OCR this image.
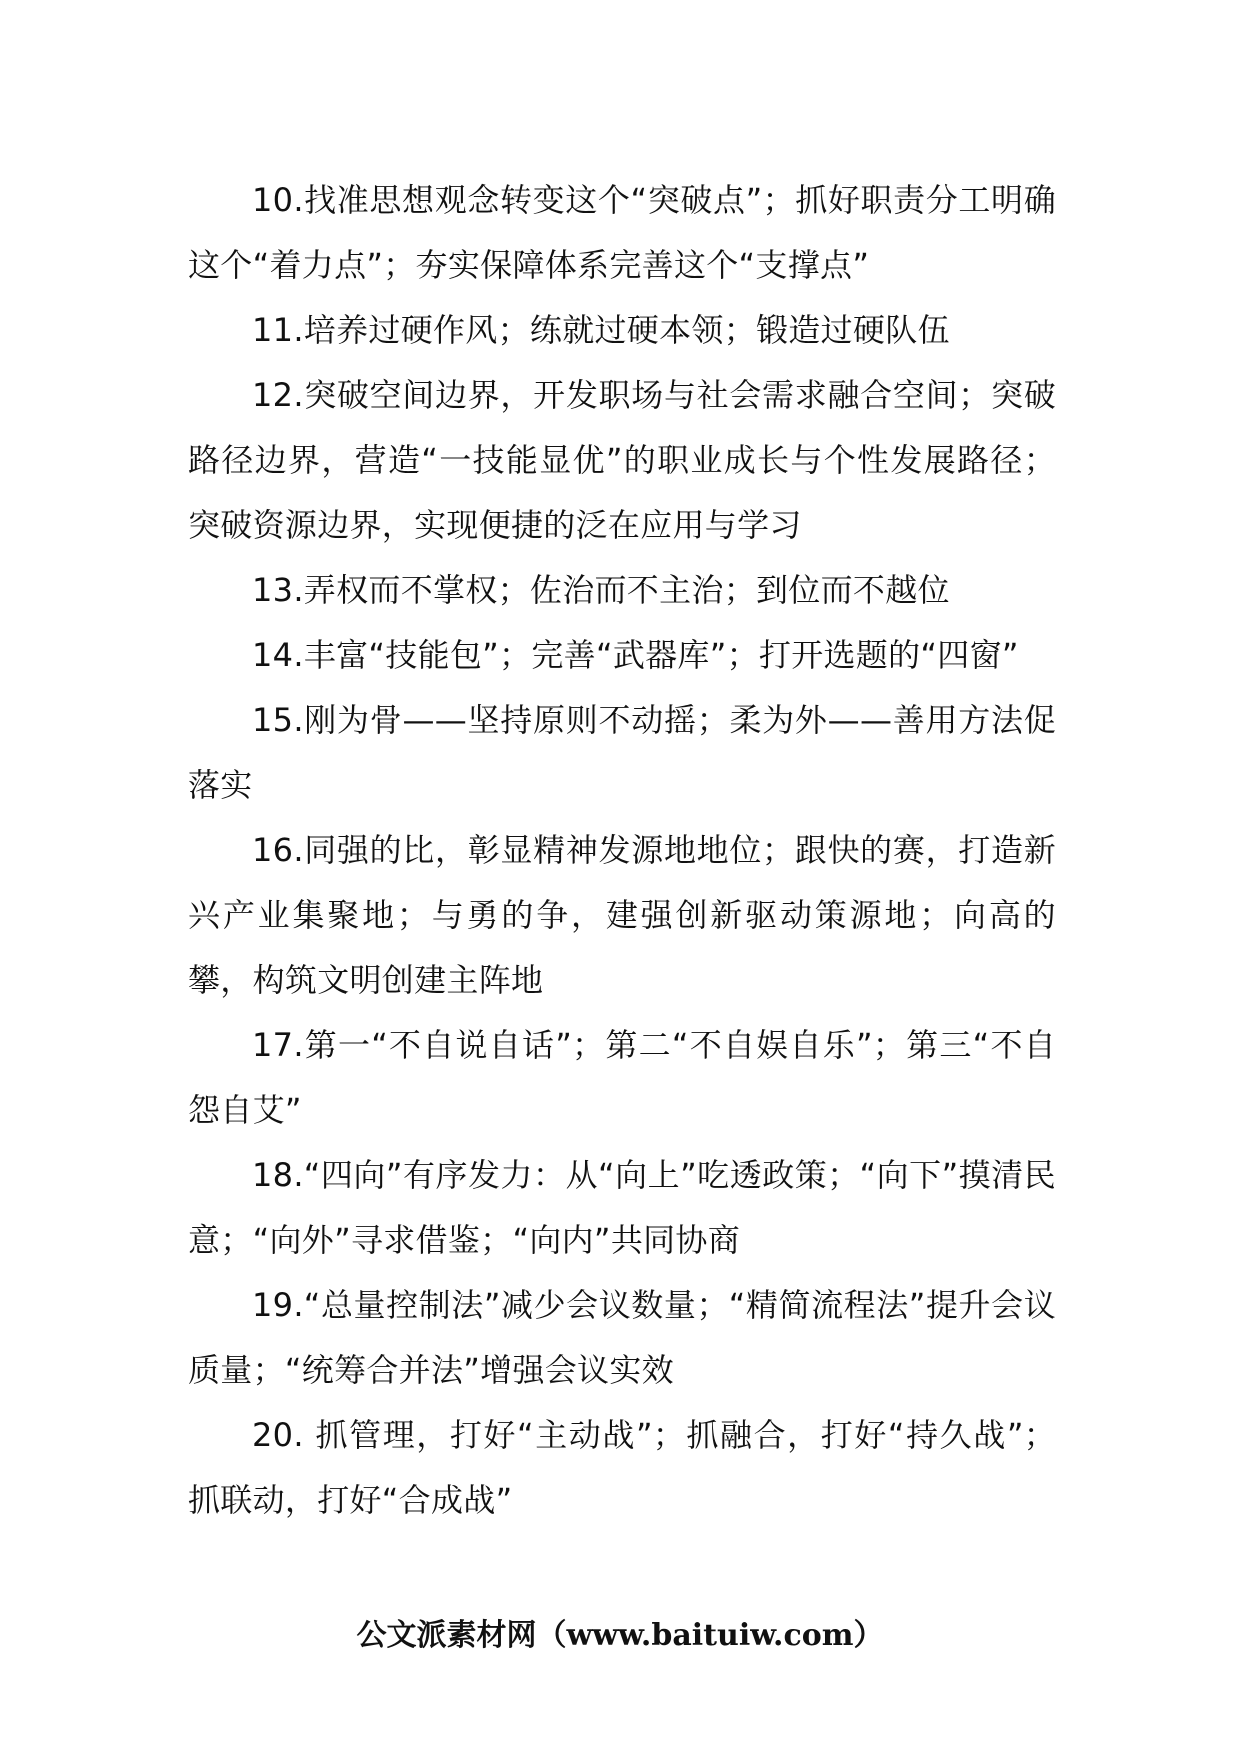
10.找准思想观念转变这个“突破点”；抓好职责分工明确这个“着力点”；夯实保障体系完善这个“支撑点”

11.培养过硬作风；练就过硬本领；锻造过硬队伍

12.突破空间边界，开发职场与社会需求融合空间；突破路径边界，营造“一技能显优”的职业成长与个性发展路径；突破资源边界，实现便捷的泛在应用与学习

13.弄权而不掌权；佐治而不主治；到位而不越位

14.丰富“技能包”；完善“武器库”；打开选题的“四窗”

15.刚为骨——坚持原则不动摇；柔为外——善用方法促落实

16.同强的比，彰显精神发源地地位；跟快的赛，打造新兴产业集聚地；与勇的争，建强创新驱动策源地；向高的攀，构筑文明创建主阵地

17.第一“不自说自话”；第二“不自娱自乐”；第三“不自怨自艾”

18.“四向”有序发力：从“向上”吃透政策；“向下”摸清民意；“向外”寻求借鉴；“向内”共同协商

19.“总量控制法”减少会议数量；“精简流程法”提升会议质量；“统筹合并法”增强会议实效

20. 抓管理，打好“主动战”；抓融合，打好“持久战”；抓联动，打好“合成战”

公文派素材网（www.baituiw.com）
